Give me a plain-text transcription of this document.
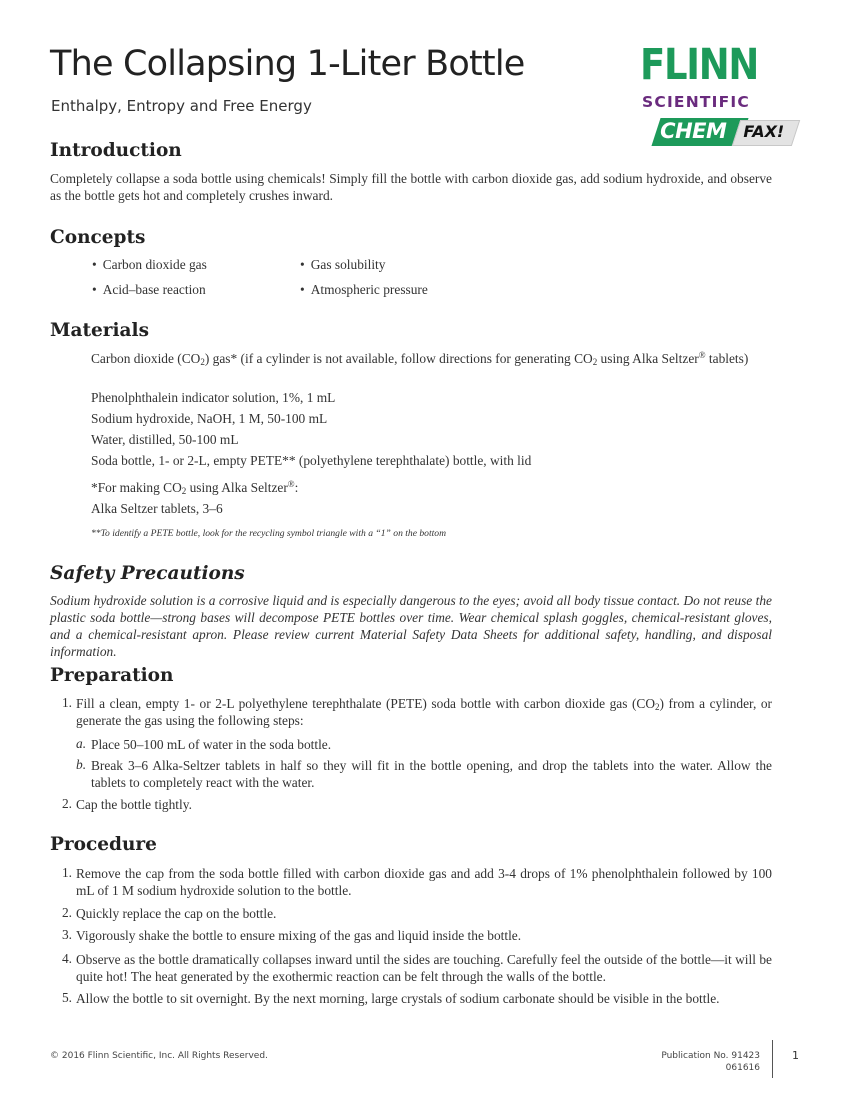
The Collapsing 1-Liter Bottle

Enthalpy, Entropy and Free Energy

FLINN

SCIENTIFIC

CHEM FAX!
Introduction

Completely collapse a soda bottle using chemicals! Simply fill the bottle with carbon dioxide gas, add sodium hydroxide, and observe as the bottle gets hot and completely crushes inward.

Concepts

• Carbon dioxide gas	• Gas solubility

• Acid–base reaction	• Atmospheric pressure

Materials

Carbon dioxide $(CO_2)$ gas* (if a cylinder is not available, follow directions for generating $CO_2$ using Alka Seltzer® tablets)

Phenolphthalein indicator solution, 1%, 1 mL

Sodium hydroxide, NaOH, 1 M, 50-100 mL

Water, distilled, 50-100 mL

Soda bottle, 1- or 2-L, empty PETE** (polyethylene terephthalate) bottle, with lid

*For making $CO_2$ using Alka Seltzer®:

Alka Seltzer tablets, 3–6

**To identify a PETE bottle, look for the recycling symbol triangle with a “1” on the bottom

Safety Precautions

Sodium hydroxide solution is a corrosive liquid and is especially dangerous to the eyes; avoid all body tissue contact. Do not reuse the plastic soda bottle—strong bases will decompose PETE bottles over time. Wear chemical splash goggles, chemical-resistant gloves, and a chemical-resistant apron. Please review current Material Safety Data Sheets for additional safety, handling, and disposal information.

Preparation

1. Fill a clean, empty 1- or 2-L polyethylene terephthalate (PETE) soda bottle with carbon dioxide gas $(CO_2)$ from a cylinder, or generate the gas using the following steps:

a. Place 50–100 mL of water in the soda bottle.

b. Break 3–6 Alka-Seltzer tablets in half so they will fit in the bottle opening, and drop the tablets into the water. Allow the tablets to completely react with the water.

2. Cap the bottle tightly.

Procedure

1. Remove the cap from the soda bottle filled with carbon dioxide gas and add 3-4 drops of 1% phenolphthalein followed by 100 mL of 1 M sodium hydroxide solution to the bottle.

2. Quickly replace the cap on the bottle.

3. Vigorously shake the bottle to ensure mixing of the gas and liquid inside the bottle.

4. Observe as the bottle dramatically collapses inward until the sides are touching. Carefully feel the outside of the bottle—it will be quite hot! The heat generated by the exothermic reaction can be felt through the walls of the bottle.

5. Allow the bottle to sit overnight. By the next morning, large crystals of sodium carbonate should be visible in the bottle.

© 2016 Flinn Scientific, Inc. All Rights Reserved.	Publication No. 91423
061616

1
